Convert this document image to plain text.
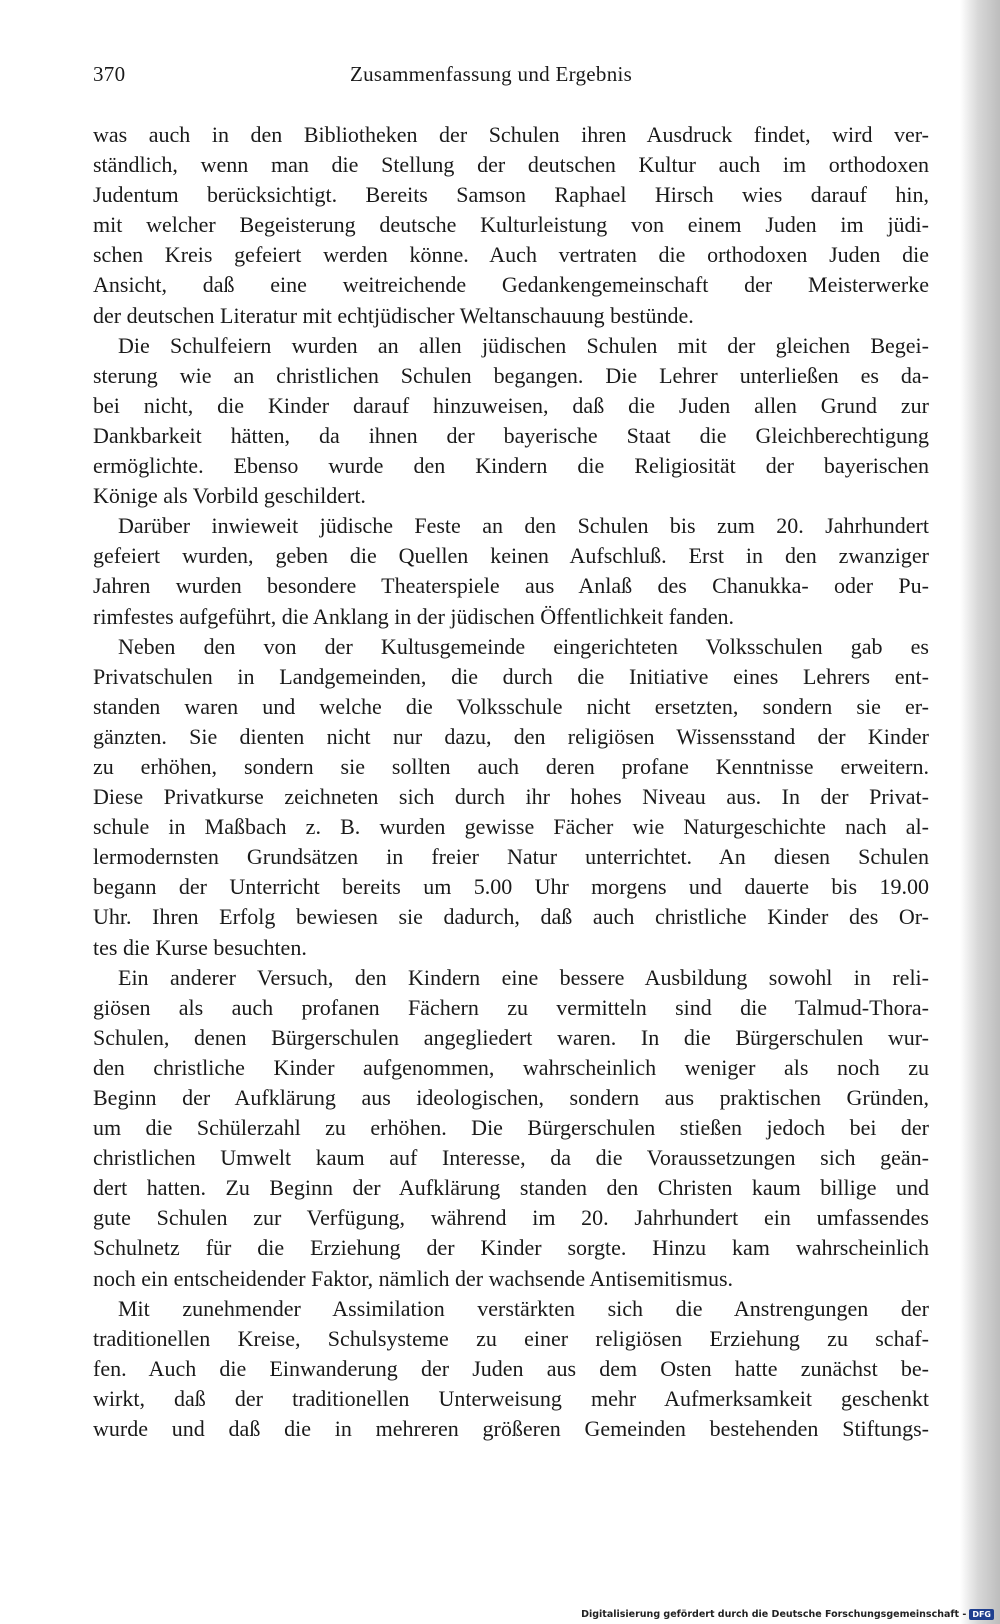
370	Zusammenfassung und Ergebnis
was auch in den Bibliotheken der Schulen ihren Ausdruck findet, wird ver-
ständlich, wenn man die Stellung der deutschen Kultur auch im orthodoxen
Judentum berücksichtigt. Bereits Samson Raphael Hirsch wies darauf hin,
mit welcher Begeisterung deutsche Kulturleistung von einem Juden im jüdi-
schen Kreis gefeiert werden könne. Auch vertraten die orthodoxen Juden die
Ansicht, daß eine weitreichende Gedankengemeinschaft der Meisterwerke
der deutschen Literatur mit echtjüdischer Weltanschauung bestünde.
Die Schulfeiern wurden an allen jüdischen Schulen mit der gleichen Begei-
sterung wie an christlichen Schulen begangen. Die Lehrer unterließen es da-
bei nicht, die Kinder darauf hinzuweisen, daß die Juden allen Grund zur
Dankbarkeit hätten, da ihnen der bayerische Staat die Gleichberechtigung
ermöglichte. Ebenso wurde den Kindern die Religiosität der bayerischen
Könige als Vorbild geschildert.
Darüber inwieweit jüdische Feste an den Schulen bis zum 20. Jahrhundert
gefeiert wurden, geben die Quellen keinen Aufschluß. Erst in den zwanziger
Jahren wurden besondere Theaterspiele aus Anlaß des Chanukka- oder Pu-
rimfestes aufgeführt, die Anklang in der jüdischen Öffentlichkeit fanden.
Neben den von der Kultusgemeinde eingerichteten Volksschulen gab es
Privatschulen in Landgemeinden, die durch die Initiative eines Lehrers ent-
standen waren und welche die Volksschule nicht ersetzten, sondern sie er-
gänzten. Sie dienten nicht nur dazu, den religiösen Wissensstand der Kinder
zu erhöhen, sondern sie sollten auch deren profane Kenntnisse erweitern.
Diese Privatkurse zeichneten sich durch ihr hohes Niveau aus. In der Privat-
schule in Maßbach z. B. wurden gewisse Fächer wie Naturgeschichte nach al-
lermodernsten Grundsätzen in freier Natur unterrichtet. An diesen Schulen
begann der Unterricht bereits um 5.00 Uhr morgens und dauerte bis 19.00
Uhr. Ihren Erfolg bewiesen sie dadurch, daß auch christliche Kinder des Or-
tes die Kurse besuchten.
Ein anderer Versuch, den Kindern eine bessere Ausbildung sowohl in reli-
giösen als auch profanen Fächern zu vermitteln sind die Talmud-Thora-
Schulen, denen Bürgerschulen angegliedert waren. In die Bürgerschulen wur-
den christliche Kinder aufgenommen, wahrscheinlich weniger als noch zu
Beginn der Aufklärung aus ideologischen, sondern aus praktischen Gründen,
um die Schülerzahl zu erhöhen. Die Bürgerschulen stießen jedoch bei der
christlichen Umwelt kaum auf Interesse, da die Voraussetzungen sich geän-
dert hatten. Zu Beginn der Aufklärung standen den Christen kaum billige und
gute Schulen zur Verfügung, während im 20. Jahrhundert ein umfassendes
Schulnetz für die Erziehung der Kinder sorgte. Hinzu kam wahrscheinlich
noch ein entscheidender Faktor, nämlich der wachsende Antisemitismus.
Mit zunehmender Assimilation verstärkten sich die Anstrengungen der
traditionellen Kreise, Schulsysteme zu einer religiösen Erziehung zu schaf-
fen. Auch die Einwanderung der Juden aus dem Osten hatte zunächst be-
wirkt, daß der traditionellen Unterweisung mehr Aufmerksamkeit geschenkt
wurde und daß die in mehreren größeren Gemeinden bestehenden Stiftungs-
Digitalisierung gefördert durch die Deutsche Forschungsgemeinschaft - DFG
